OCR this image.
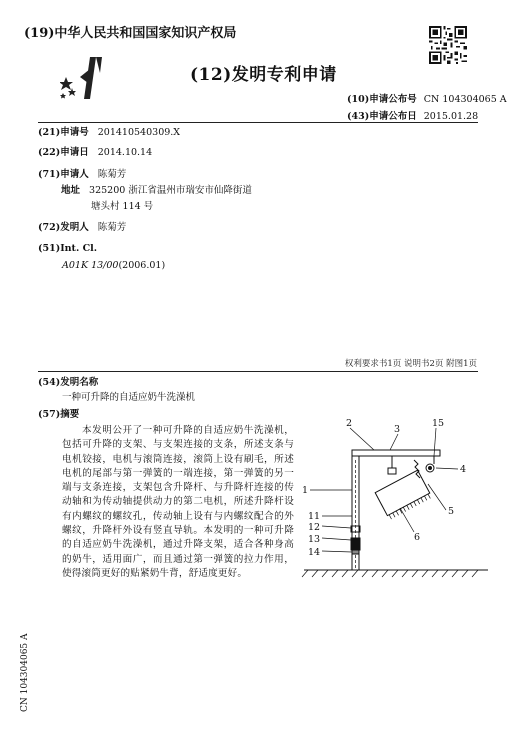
(19)中华人民共和国国家知识产权局
(12)发明专利申请
(10)申请公布号 CN 104304065 A
(43)申请公布日 2015.01.28
(21)申请号 201410540309.X
(22)申请日 2014.10.14
(71)申请人 陈菊芳
地址 325200 浙江省温州市瑞安市仙降街道
塘头村 114 号
(72)发明人 陈菊芳
(51)Int. Cl.
A01K 13/00(2006.01)
权利要求书1页 说明书2页 附图1页
(54)发明名称
一种可升降的自适应奶牛洗澡机
(57)摘要
本发明公开了一种可升降的自适应奶牛洗澡机，包括可升降的支架、与支架连接的支条，所述支条与电机铰接，电机与滚筒连接，滚筒上设有刷毛，所述电机的尾部与第一弹簧的一端连接，第一弹簧的另一端与支条连接，支架包含升降杆、与升降杆连接的传动轴和为传动轴提供动力的第二电机，所述升降杆设有内螺纹的螺纹孔，传动轴上设有与内螺纹配合的外螺纹，升降杆外设有竖直导轨。本发明的一种可升降的自适应奶牛洗澡机，通过升降支架，适合各种身高的奶牛，适用面广，而且通过第一弹簧的拉力作用，使得滚筒更好的贴紧奶牛背，舒适度更好。
2
3
15
4
5
6
1
11
12
13
14
CN 104304065 A
